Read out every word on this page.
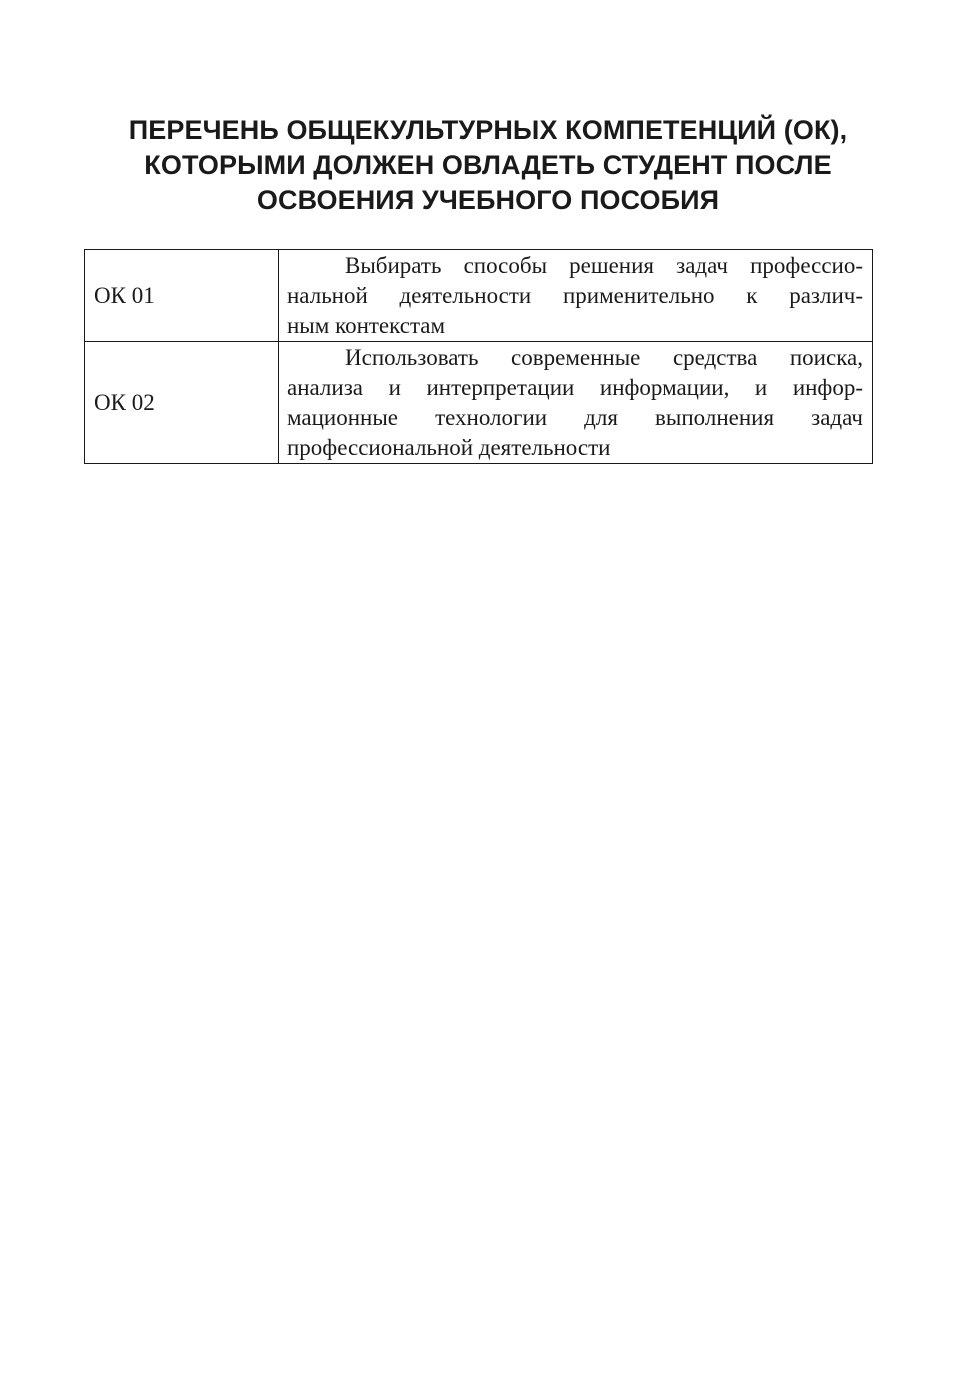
ПЕРЕЧЕНЬ ОБЩЕКУЛЬТУРНЫХ КОМПЕТЕНЦИЙ (ОК),
КОТОРЫМИ ДОЛЖЕН ОВЛАДЕТЬ СТУДЕНТ ПОСЛЕ
ОСВОЕНИЯ УЧЕБНОГО ПОСОБИЯ
ОК 01	Выбирать способы решения задач профессио-
нальной деятельности применительно к различ-
ным контекстам

ОК 02	Использовать современные средства поиска,
анализа и интерпретации информации, и инфор-
мационные технологии для выполнения задач
профессиональной деятельности
